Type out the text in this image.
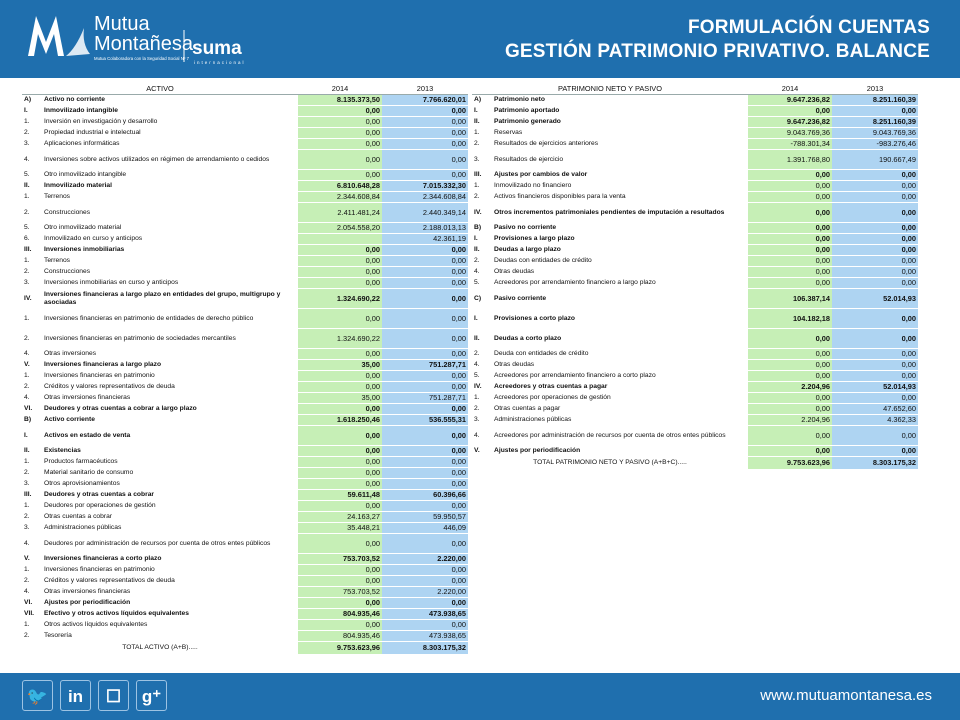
Mutua
Montañesa
Mutua Colaboradora con la Seguridad Social Nº 7 suma
internacional
FORMULACIÓN CUENTAS
GESTIÓN PATRIMONIO PRIVATIVO. BALANCE
ACTIVO		2014	2013
A)	Activo no corriente	8.135.373,50	7.766.620,01
I.	Inmovilizado intangible	0,00	0,00
1.	Inversión en investigación y desarrollo	0,00	0,00
2.	Propiedad industrial e intelectual	0,00	0,00
3.	Aplicaciones informáticas	0,00	0,00
4.	Inversiones sobre activos utilizados en régimen de arrendamiento o cedidos	0,00	0,00
5.	Otro inmovilizado intangible	0,00	0,00
II.	Inmovilizado material	6.810.648,28	7.015.332,30
1.	Terrenos	2.344.608,84	2.344.608,84
2.	Construcciones	2.411.481,24	2.440.349,14
5.	Otro inmovilizado material	2.054.558,20	2.188.013,13
6.	Inmovilizado en curso y anticipos		42.361,19
III.	Inversiones inmobiliarias	0,00	0,00
1.	Terrenos	0,00	0,00
2.	Construcciones	0,00	0,00
3.	Inversiones inmobiliarias en curso y anticipos	0,00	0,00
IV.	Inversiones financieras a largo plazo en entidades del grupo, multigrupo y asociadas	1.324.690,22	0,00
1.	Inversiones financieras en patrimonio de entidades de derecho público	0,00	0,00
2.	Inversiones financieras en patrimonio de sociedades mercantiles	1.324.690,22	0,00
4.	Otras inversiones	0,00	0,00
V.	Inversiones financieras a largo plazo	35,00	751.287,71
1.	Inversiones financieras en patrimonio	0,00	0,00
2.	Créditos y valores representativos de deuda	0,00	0,00
4.	Otras inversiones financieras	35,00	751.287,71
VI.	Deudores y otras cuentas a cobrar a largo plazo	0,00	0,00
B)	Activo corriente	1.618.250,46	536.555,31
I.	Activos en estado de venta	0,00	0,00
II.	Existencias	0,00	0,00
1.	Productos farmacéuticos	0,00	0,00
2.	Material sanitario de consumo	0,00	0,00
3.	Otros aprovisionamientos	0,00	0,00
III.	Deudores y otras cuentas a cobrar	59.611,48	60.396,66
1.	Deudores por operaciones de gestión	0,00	0,00
2.	Otras cuentas a cobrar	24.163,27	59.950,57
3.	Administraciones públicas	35.448,21	446,09
4.	Deudores por administración de recursos por cuenta de otros entes públicos	0,00	0,00
V.	Inversiones financieras a corto plazo	753.703,52	2.220,00
1.	Inversiones financieras en patrimonio	0,00	0,00
2.	Créditos y valores representativos de deuda	0,00	0,00
4.	Otras inversiones financieras	753.703,52	2.220,00
VI.	Ajustes por periodificación	0,00	0,00
VII.	Efectivo y otros activos líquidos equivalentes	804.935,46	473.938,65
1.	Otros activos líquidos equivalentes	0,00	0,00
2.	Tesorería	804.935,46	473.938,65
TOTAL ACTIVO (A+B).....		9.753.623,96	8.303.175,32
PATRIMONIO NETO Y PASIVO		2014	2013
A)	Patrimonio neto	9.647.236,82	8.251.160,39
I.	Patrimonio aportado	0,00	0,00
II.	Patrimonio generado	9.647.236,82	8.251.160,39
1.	Reservas	9.043.769,36	9.043.769,36
2.	Resultados de ejercicios anteriores	-788.301,34	-983.276,46
3.	Resultados de ejercicio	1.391.768,80	190.667,49
III.	Ajustes por cambios de valor	0,00	0,00
1.	Inmovilizado no financiero	0,00	0,00
2.	Activos financieros disponibles para la venta	0,00	0,00
IV.	Otros incrementos patrimoniales pendientes de imputación a resultados	0,00	0,00
B)	Pasivo no corriente	0,00	0,00
I.	Provisiones a largo plazo	0,00	0,00
II.	Deudas a largo plazo	0,00	0,00
2.	Deudas con entidades de crédito	0,00	0,00
4.	Otras deudas	0,00	0,00
5.	Acreedores por arrendamiento financiero a largo plazo	0,00	0,00
C)	Pasivo corriente	106.387,14	52.014,93
I.	Provisiones a corto plazo	104.182,18	0,00
II.	Deudas a corto plazo	0,00	0,00
2.	Deuda con entidades de crédito	0,00	0,00
4.	Otras deudas	0,00	0,00
5.	Acreedores por arrendamiento financiero a corto plazo	0,00	0,00
IV.	Acreedores y otras cuentas a pagar	2.204,96	52.014,93
1.	Acreedores por operaciones de gestión	0,00	0,00
2.	Otras cuentas a pagar	0,00	47.652,60
3.	Administraciones públicas	2.204,96	4.362,33
4.	Acreedores por administración de recursos por cuenta de otros entes públicos	0,00	0,00
V.	Ajustes por periodificación	0,00	0,00
TOTAL PATRIMONIO NETO Y PASIVO (A+B+C).....		9.753.623,96	8.303.175,32
🐦	in	☐	g⁺	www.mutuamontanesa.es
